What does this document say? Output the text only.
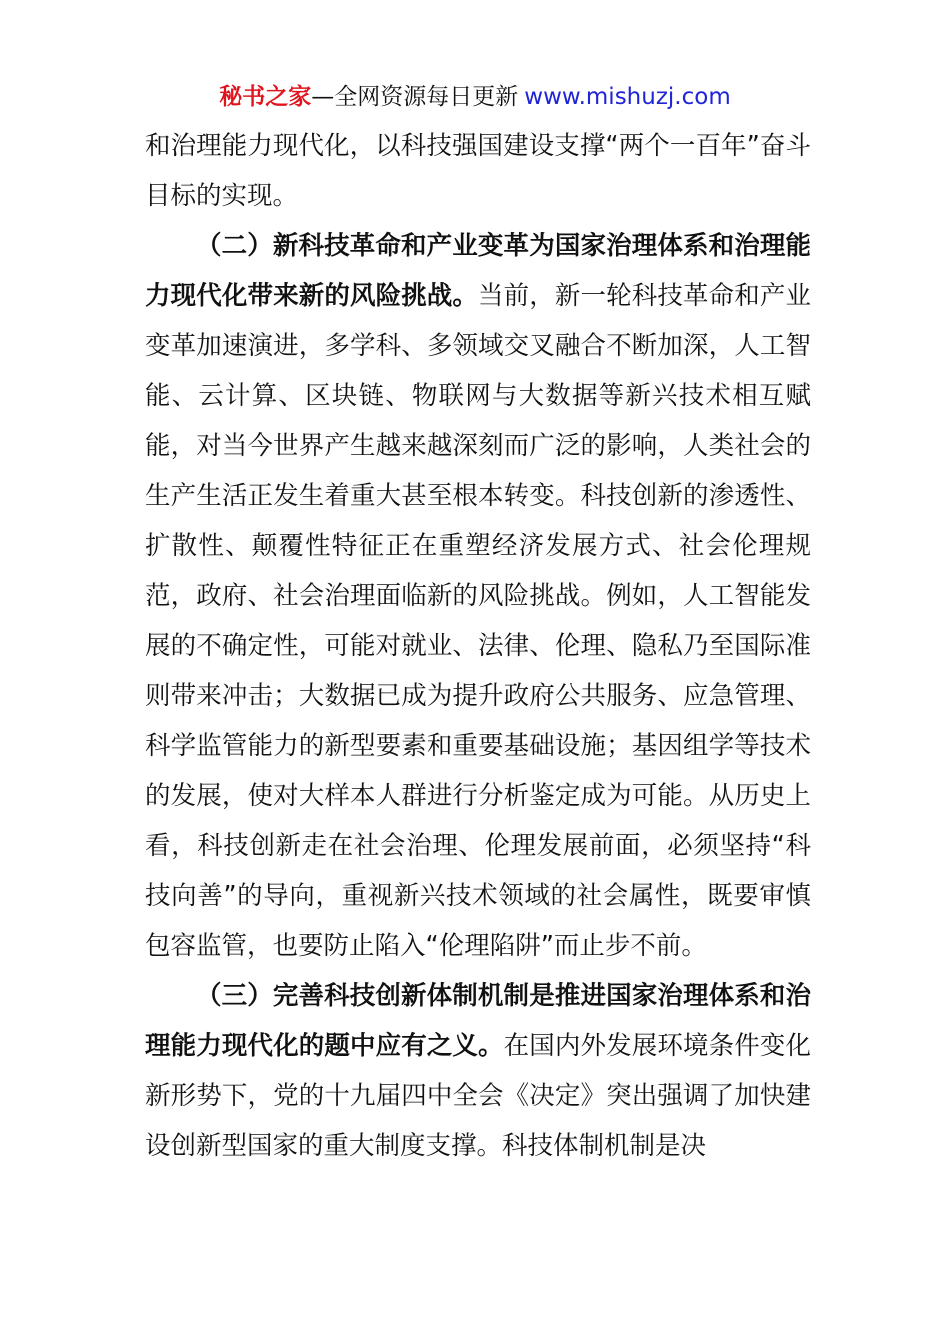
秘书之家—全网资源每日更新 www.mishuzj.com

和治理能力现代化，以科技强国建设支撑“两个一百年”奋斗目标的实现。

（二）新科技革命和产业变革为国家治理体系和治理能力现代化带来新的风险挑战。当前，新一轮科技革命和产业变革加速演进，多学科、多领域交叉融合不断加深，人工智能、云计算、区块链、物联网与大数据等新兴技术相互赋能，对当今世界产生越来越深刻而广泛的影响，人类社会的生产生活正发生着重大甚至根本转变。科技创新的渗透性、扩散性、颠覆性特征正在重塑经济发展方式、社会伦理规范，政府、社会治理面临新的风险挑战。例如，人工智能发展的不确定性，可能对就业、法律、伦理、隐私乃至国际准则带来冲击；大数据已成为提升政府公共服务、应急管理、科学监管能力的新型要素和重要基础设施；基因组学等技术的发展，使对大样本人群进行分析鉴定成为可能。从历史上看，科技创新走在社会治理、伦理发展前面，必须坚持“科技向善”的导向，重视新兴技术领域的社会属性，既要审慎包容监管，也要防止陷入“伦理陷阱”而止步不前。

（三）完善科技创新体制机制是推进国家治理体系和治理能力现代化的题中应有之义。在国内外发展环境条件变化新形势下，党的十九届四中全会《决定》突出强调了加快建设创新型国家的重大制度支撑。科技体制机制是决
